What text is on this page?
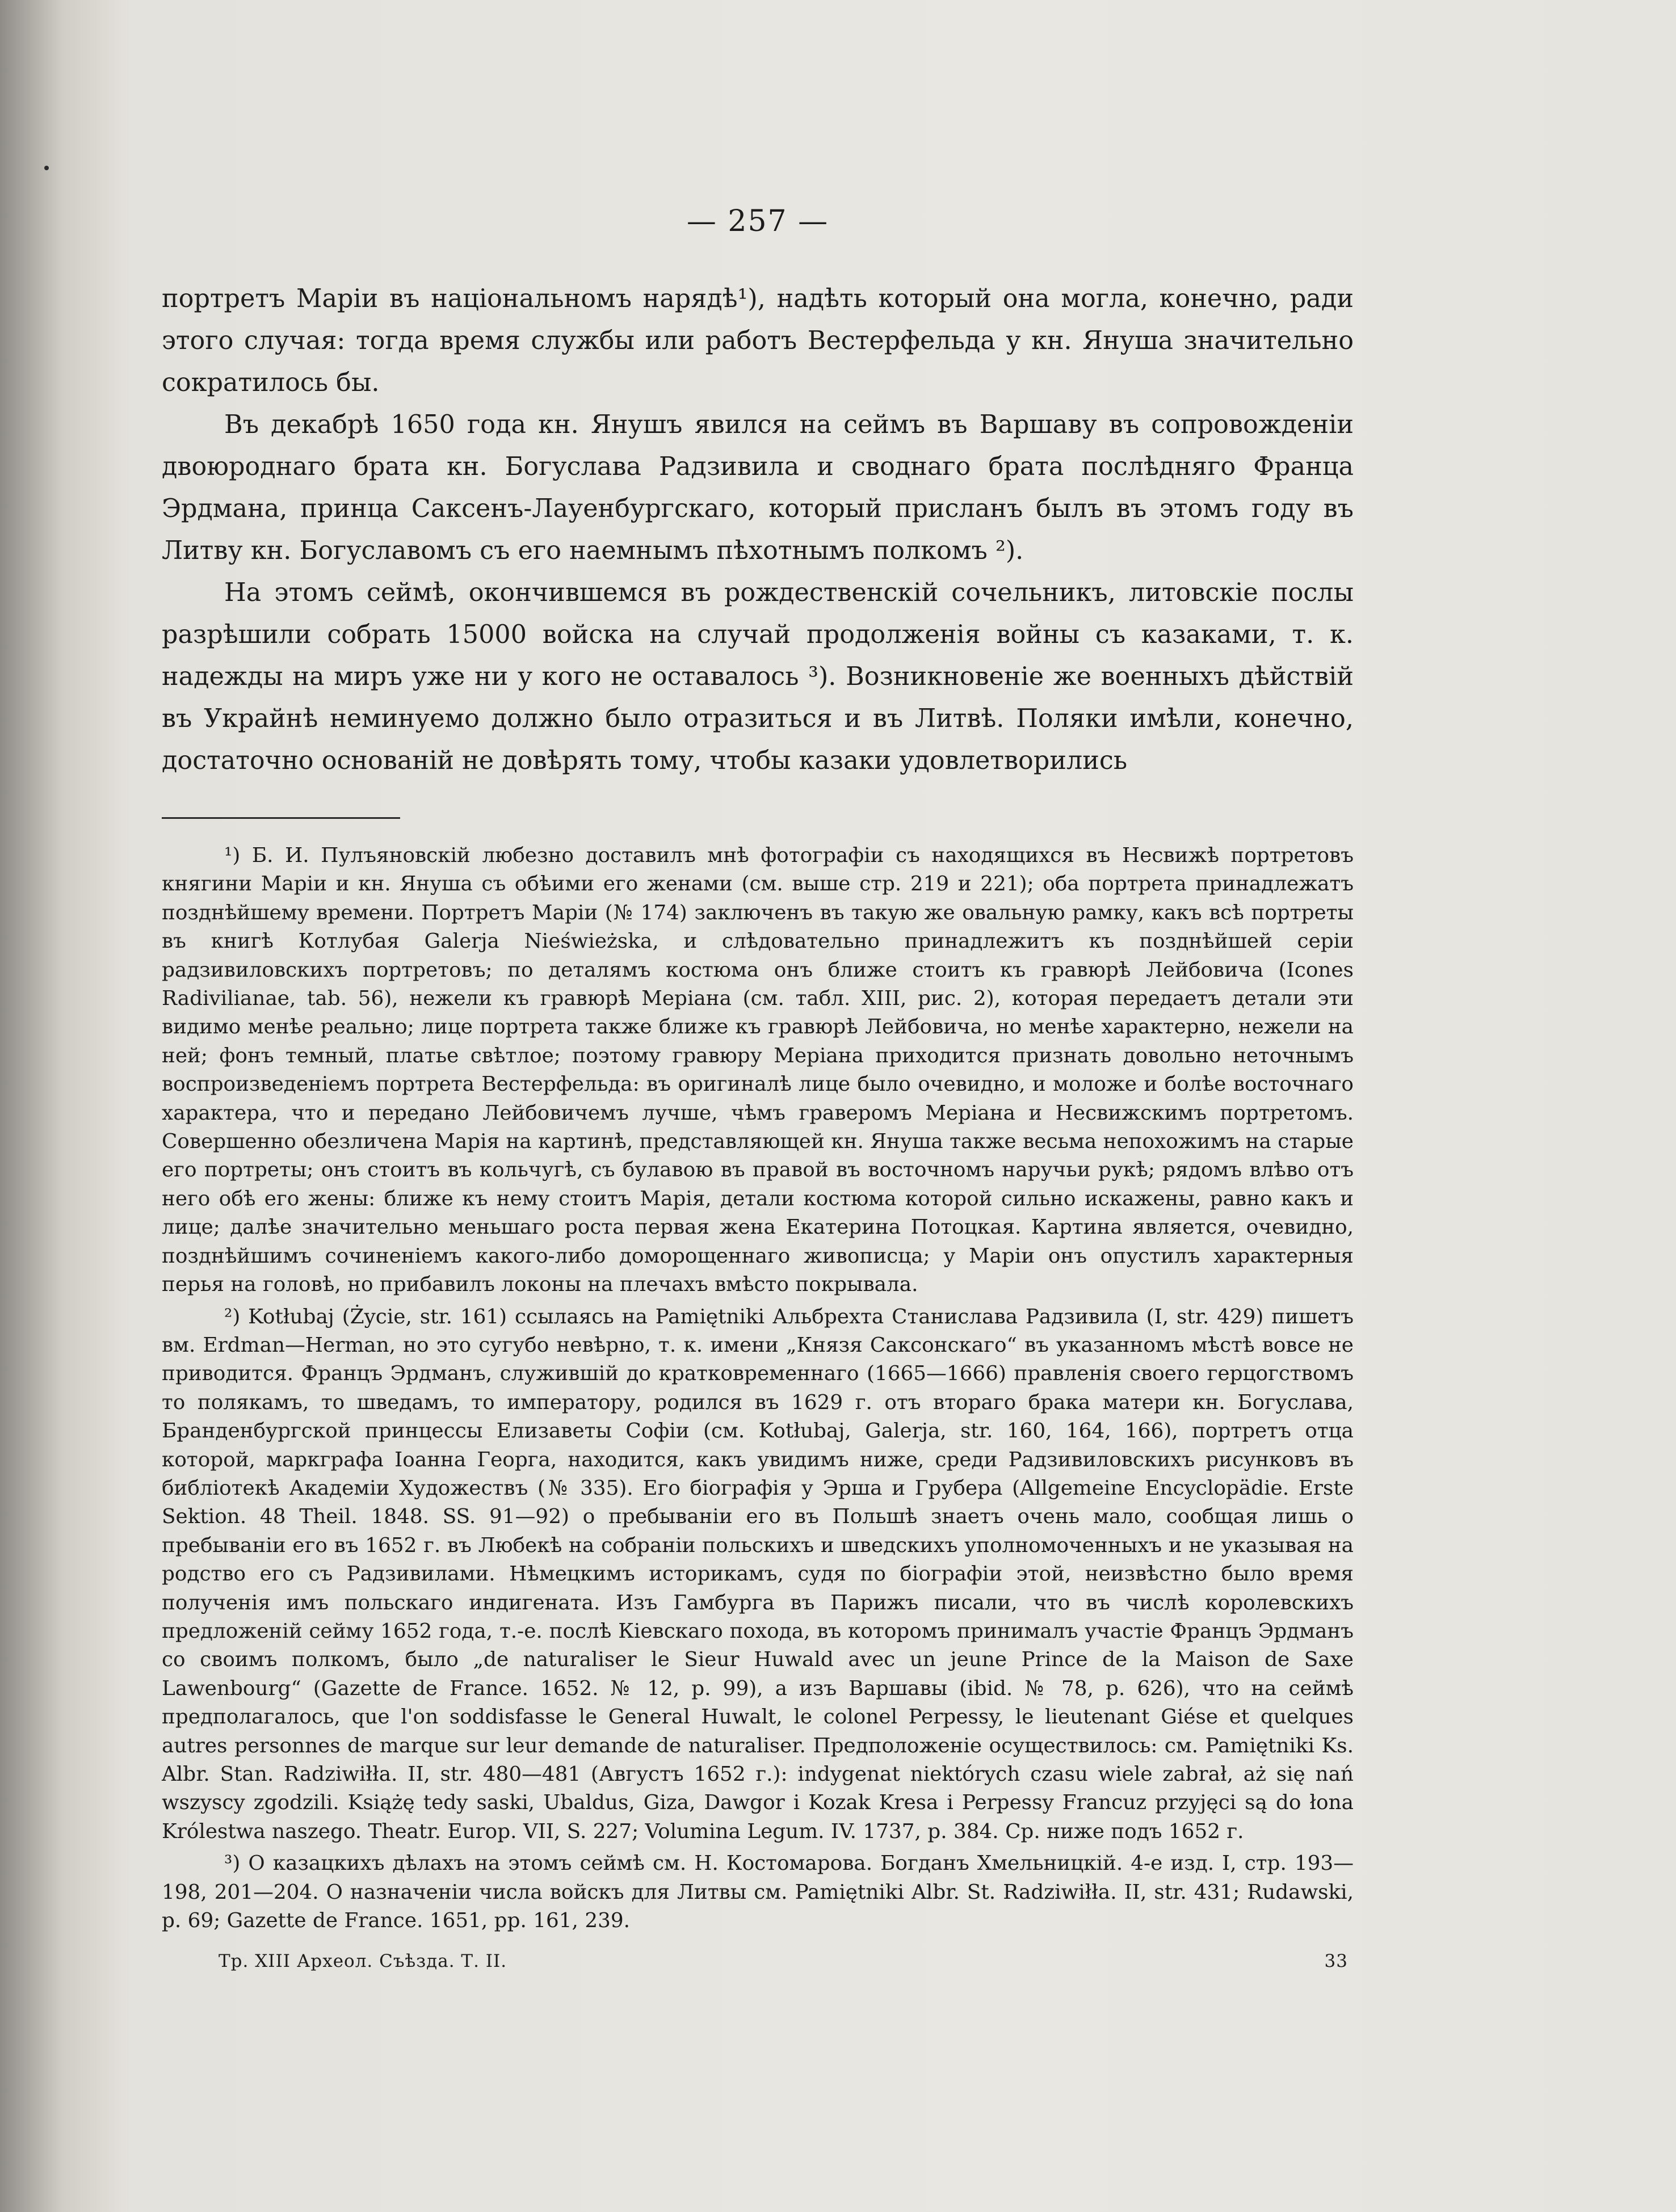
— 257 —

портретъ Маріи въ національномъ нарядѣ¹), надѣть который она могла, конечно, ради этого случая: тогда время службы или работъ Вестерфельда у кн. Януша значительно сократилось бы.

Въ декабрѣ 1650 года кн. Янушъ явился на сеймъ въ Варшаву въ сопровожденіи двоюроднаго брата кн. Богуслава Радзивила и своднаго брата послѣдняго Франца Эрдмана, принца Саксенъ-Лауенбургскаго, который присланъ былъ въ этомъ году въ Литву кн. Богуславомъ съ его наемнымъ пѣхотнымъ полкомъ ²).

На этомъ сеймѣ, окончившемся въ рождественскій сочельникъ, литовскіе послы разрѣшили собрать 15000 войска на случай продолженія войны съ казаками, т. к. надежды на миръ уже ни у кого не оставалось ³). Возникновеніе же военныхъ дѣйствій въ Украйнѣ неминуемо должно было отразиться и въ Литвѣ. Поляки имѣли, конечно, достаточно основаній не довѣрять тому, чтобы казаки удовлетворились

¹) Б. И. Пулъяновскій любезно доставилъ мнѣ фотографіи съ находящихся въ Несвижѣ портретовъ княгини Маріи и кн. Януша съ обѣими его женами (см. выше стр. 219 и 221); оба портрета принадлежатъ позднѣйшему времени. Портретъ Маріи (№ 174) заключенъ въ такую же овальную рамку, какъ всѣ портреты въ книгѣ Котлубая Galerja Nieświeżska, и слѣдовательно принадлежитъ къ позднѣйшей серіи радзивиловскихъ портретовъ; по деталямъ костюма онъ ближе стоитъ къ гравюрѣ Лейбовича (Icones Radivilianae, tab. 56), нежели къ гравюрѣ Меріана (см. табл. XIII, рис. 2), которая передаетъ детали эти видимо менѣе реально; лице портрета также ближе къ гравюрѣ Лейбовича, но менѣе характерно, нежели на ней; фонъ темный, платье свѣтлое; поэтому гравюру Меріана приходится признать довольно неточнымъ воспроизведеніемъ портрета Вестерфельда: въ оригиналѣ лице было очевидно, и моложе и болѣе восточнаго характера, что и передано Лейбовичемъ лучше, чѣмъ граверомъ Меріана и Несвижскимъ портретомъ. Совершенно обезличена Марія на картинѣ, представляющей кн. Януша также весьма непохожимъ на старые его портреты; онъ стоитъ въ кольчугѣ, съ булавою въ правой въ восточномъ наручьи рукѣ; рядомъ влѣво отъ него обѣ его жены: ближе къ нему стоитъ Марія, детали костюма которой сильно искажены, равно какъ и лице; далѣе значительно меньшаго роста первая жена Екатерина Потоцкая. Картина является, очевидно, позднѣйшимъ сочиненіемъ какого-либо доморощеннаго живописца; у Маріи онъ опустилъ характерныя перья на головѣ, но прибавилъ локоны на плечахъ вмѣсто покрывала.

²) Kotłubaj (Życie, str. 161) ссылаясь на Pamiętniki Альбрехта Станислава Радзивила (I, str. 429) пишетъ вм. Erdman—Herman, но это сугубо невѣрно, т. к. имени „Князя Саксонскаго“ въ указанномъ мѣстѣ вовсе не приводится. Францъ Эрдманъ, служившій до кратковременнаго (1665—1666) правленія своего герцогствомъ то полякамъ, то шведамъ, то императору, родился въ 1629 г. отъ втораго брака матери кн. Богуслава, Бранденбургской принцессы Елизаветы Софіи (см. Kotłubaj, Galerja, str. 160, 164, 166), портретъ отца которой, маркграфа Іоанна Георга, находится, какъ увидимъ ниже, среди Радзивиловскихъ рисунковъ въ библіотекѣ Академіи Художествъ (№ 335). Его біографія у Эрша и Грубера (Allgemeine Encyclopädie. Erste Sektion. 48 Theil. 1848. SS. 91—92) о пребываніи его въ Польшѣ знаетъ очень мало, сообщая лишь о пребываніи его въ 1652 г. въ Любекѣ на собраніи польскихъ и шведскихъ уполномоченныхъ и не указывая на родство его съ Радзивилами. Нѣмецкимъ историкамъ, судя по біографіи этой, неизвѣстно было время полученія имъ польскаго индигената. Изъ Гамбурга въ Парижъ писали, что въ числѣ королевскихъ предложеній сейму 1652 года, т.-е. послѣ Кіевскаго похода, въ которомъ принималъ участіе Францъ Эрдманъ со своимъ полкомъ, было „de naturaliser le Sieur Huwald avec un jeune Prince de la Maison de Saxe Lawenbourg“ (Gazette de France. 1652. № 12, p. 99), а изъ Варшавы (ibid. № 78, p. 626), что на сеймѣ предполагалось, que l'on soddisfasse le General Huwalt, le colonel Perpessy, le lieutenant Giése et quelques autres personnes de marque sur leur demande de naturaliser. Предположеніе осуществилось: см. Pamiętniki Ks. Albr. Stan. Radziwiłła. II, str. 480—481 (Августъ 1652 г.): indygenat niektórych czasu wiele zabrał, aż się nań wszyscy zgodzili. Książę tedy saski, Ubaldus, Giza, Dawgor i Kozak Kresa i Perpessy Francuz przyjęci są do łona Królestwa naszego. Theatr. Europ. VII, S. 227; Volumina Legum. IV. 1737, p. 384. Ср. ниже подъ 1652 г.

³) О казацкихъ дѣлахъ на этомъ сеймѣ см. Н. Костомарова. Богданъ Хмельницкій. 4-е изд. I, стр. 193—198, 201—204. О назначеніи числа войскъ для Литвы см. Pamiętniki Albr. St. Radziwiłła. II, str. 431; Rudawski, p. 69; Gazette de France. 1651, pp. 161, 239.

Тр. XIII Археол. Съѣзда. Т. II.	33
